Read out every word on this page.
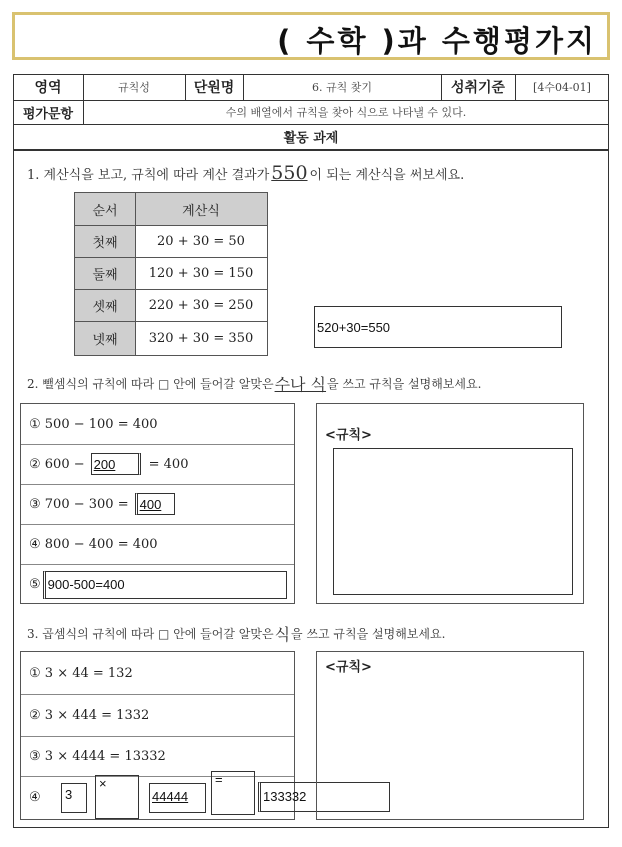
( 수학 )과 수행평가지
영역	규칙성	단원명	6. 규칙 찾기	성취기준	[4수04-01]
평가문항	수의 배열에서 규칙을 찾아 식으로 나타낼 수 있다.
활동 과제
1. 계산식을 보고, 규칙에 따라 계산 결과가 550 이 되는 계산식을 써보세요.
순서	계산식
첫째	20 + 30 = 50
둘째	120 + 30 = 150
셋째	220 + 30 = 250
넷째	320 + 30 = 350
520+30=550
2. 뺄셈식의 규칙에 따라 □ 안에 들어갈 알맞은 수나 식 을 쓰고 규칙을 설명해보세요.
① 500 − 100 = 400
② 600 − 200	= 400
③ 700 − 300 = 400
④ 800 − 400 = 400
⑤ 900-500=400
<규칙>
3. 곱셈식의 규칙에 따라 □ 안에 들어갈 알맞은 식 을 쓰고 규칙을 설명해보세요.
① 3 × 44 = 132
② 3 × 444 = 1332
③ 3 × 4444 = 13332
④	3
×
44444
=
133332
<규칙>
